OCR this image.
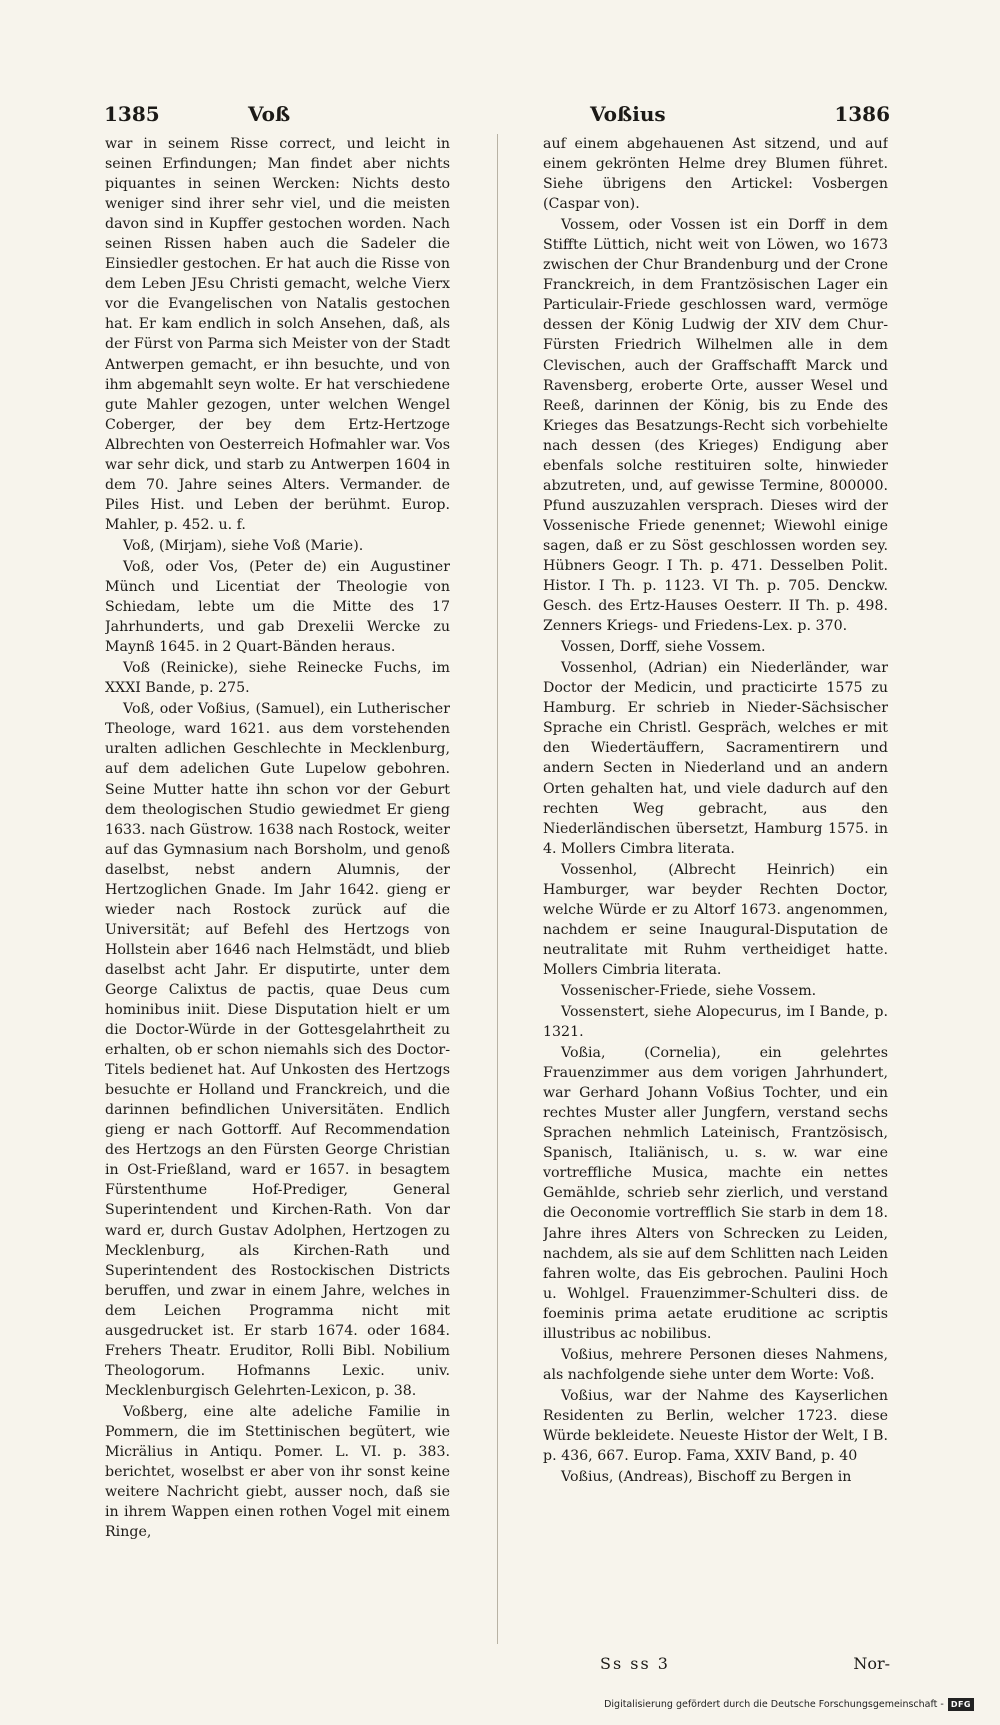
1385	Voß	Voßius	1386

war in seinem Risse correct, und leicht in seinen Erfindungen; Man findet aber nichts piquantes in seinen Wercken: Nichts desto weniger sind ihrer sehr viel, und die meisten davon sind in Kupffer gestochen worden. Nach seinen Rissen haben auch die Sadeler die Einsiedler gestochen. Er hat auch die Risse von dem Leben JEsu Christi gemacht, welche Vierx vor die Evangelischen von Natalis gestochen hat. Er kam endlich in solch Ansehen, daß, als der Fürst von Parma sich Meister von der Stadt Antwerpen gemacht, er ihn besuchte, und von ihm abgemahlt seyn wolte. Er hat verschiedene gute Mahler gezogen, unter welchen Wengel Coberger, der bey dem Ertz-Hertzoge Albrechten von Oesterreich Hofmahler war. Vos war sehr dick, und starb zu Antwerpen 1604 in dem 70. Jahre seines Alters. Vermander. de Piles Hist. und Leben der berühmt. Europ. Mahler, p. 452. u. f.

Voß, (Mirjam), siehe Voß (Marie).

Voß, oder Vos, (Peter de) ein Augustiner Münch und Licentiat der Theologie von Schiedam, lebte um die Mitte des 17 Jahrhunderts, und gab Drexelii Wercke zu Maynß 1645. in 2 Quart-Bänden heraus.

Voß (Reinicke), siehe Reinecke Fuchs, im XXXI Bande, p. 275.

Voß, oder Voßius, (Samuel), ein Lutherischer Theologe, ward 1621. aus dem vorstehenden uralten adlichen Geschlechte in Mecklenburg, auf dem adelichen Gute Lupelow gebohren. Seine Mutter hatte ihn schon vor der Geburt dem theologischen Studio gewiedmet Er gieng 1633. nach Güstrow. 1638 nach Rostock, weiter auf das Gymnasium nach Borsholm, und genoß daselbst, nebst andern Alumnis, der Hertzoglichen Gnade. Im Jahr 1642. gieng er wieder nach Rostock zurück auf die Universität; auf Befehl des Hertzogs von Hollstein aber 1646 nach Helmstädt, und blieb daselbst acht Jahr. Er disputirte, unter dem George Calixtus de pactis, quae Deus cum hominibus iniit. Diese Disputation hielt er um die Doctor-Würde in der Gottesgelahrtheit zu erhalten, ob er schon niemahls sich des Doctor-Titels bedienet hat. Auf Unkosten des Hertzogs besuchte er Holland und Franckreich, und die darinnen befindlichen Universitäten. Endlich gieng er nach Gottorff. Auf Recommendation des Hertzogs an den Fürsten George Christian in Ost-Frießland, ward er 1657. in besagtem Fürstenthume Hof-Prediger, General Superintendent und Kirchen-Rath. Von dar ward er, durch Gustav Adolphen, Hertzogen zu Mecklenburg, als Kirchen-Rath und Superintendent des Rostockischen Districts beruffen, und zwar in einem Jahre, welches in dem Leichen Programma nicht mit ausgedrucket ist. Er starb 1674. oder 1684. Frehers Theatr. Eruditor, Rolli Bibl. Nobilium Theologorum. Hofmanns Lexic. univ. Mecklenburgisch Gelehrten-Lexicon, p. 38.

Voßberg, eine alte adeliche Familie in Pommern, die im Stettinischen begütert, wie Micrälius in Antiqu. Pomer. L. VI. p. 383. berichtet, woselbst er aber von ihr sonst keine weitere Nachricht giebt, ausser noch, daß sie in ihrem Wappen einen rothen Vogel mit einem Ringe,

auf einem abgehauenen Ast sitzend, und auf einem gekrönten Helme drey Blumen führet. Siehe übrigens den Artickel: Vosbergen (Caspar von).

Vossem, oder Vossen ist ein Dorff in dem Stiffte Lüttich, nicht weit von Löwen, wo 1673 zwischen der Chur Brandenburg und der Crone Franckreich, in dem Frantzösischen Lager ein Particulair-Friede geschlossen ward, vermöge dessen der König Ludwig der XIV dem Chur-Fürsten Friedrich Wilhelmen alle in dem Clevischen, auch der Graffschafft Marck und Ravensberg, eroberte Orte, ausser Wesel und Reeß, darinnen der König, bis zu Ende des Krieges das Besatzungs-Recht sich vorbehielte nach dessen (des Krieges) Endigung aber ebenfals solche restituiren solte, hinwieder abzutreten, und, auf gewisse Termine, 800000. Pfund auszuzahlen versprach. Dieses wird der Vossenische Friede genennet; Wiewohl einige sagen, daß er zu Söst geschlossen worden sey. Hübners Geogr. I Th. p. 471. Desselben Polit. Histor. I Th. p. 1123. VI Th. p. 705. Denckw. Gesch. des Ertz-Hauses Oesterr. II Th. p. 498. Zenners Kriegs- und Friedens-Lex. p. 370.

Vossen, Dorff, siehe Vossem.

Vossenhol, (Adrian) ein Niederländer, war Doctor der Medicin, und practicirte 1575 zu Hamburg. Er schrieb in Nieder-Sächsischer Sprache ein Christl. Gespräch, welches er mit den Wiedertäuffern, Sacramentirern und andern Secten in Niederland und an andern Orten gehalten hat, und viele dadurch auf den rechten Weg gebracht, aus den Niederländischen übersetzt, Hamburg 1575. in 4. Mollers Cimbra literata.

Vossenhol, (Albrecht Heinrich) ein Hamburger, war beyder Rechten Doctor, welche Würde er zu Altorf 1673. angenommen, nachdem er seine Inaugural-Disputation de neutralitate mit Ruhm vertheidiget hatte. Mollers Cimbria literata.

Vossenischer-Friede, siehe Vossem.

Vossenstert, siehe Alopecurus, im I Bande, p. 1321.

Voßia, (Cornelia), ein gelehrtes Frauenzimmer aus dem vorigen Jahrhundert, war Gerhard Johann Voßius Tochter, und ein rechtes Muster aller Jungfern, verstand sechs Sprachen nehmlich Lateinisch, Frantzösisch, Spanisch, Italiänisch, u. s. w. war eine vortreffliche Musica, machte ein nettes Gemählde, schrieb sehr zierlich, und verstand die Oeconomie vortrefflich Sie starb in dem 18. Jahre ihres Alters von Schrecken zu Leiden, nachdem, als sie auf dem Schlitten nach Leiden fahren wolte, das Eis gebrochen. Paulini Hoch u. Wohlgel. Frauenzimmer-Schulteri diss. de foeminis prima aetate eruditione ac scriptis illustribus ac nobilibus.

Voßius, mehrere Personen dieses Nahmens, als nachfolgende siehe unter dem Worte: Voß.

Voßius, war der Nahme des Kayserlichen Residenten zu Berlin, welcher 1723. diese Würde bekleidete. Neueste Histor der Welt, I B. p. 436, 667. Europ. Fama, XXIV Band, p. 40

Voßius, (Andreas), Bischoff zu Bergen in

Ss ss 3	Nor-
Digitalisierung gefördert durch die Deutsche Forschungsgemeinschaft - DFG
